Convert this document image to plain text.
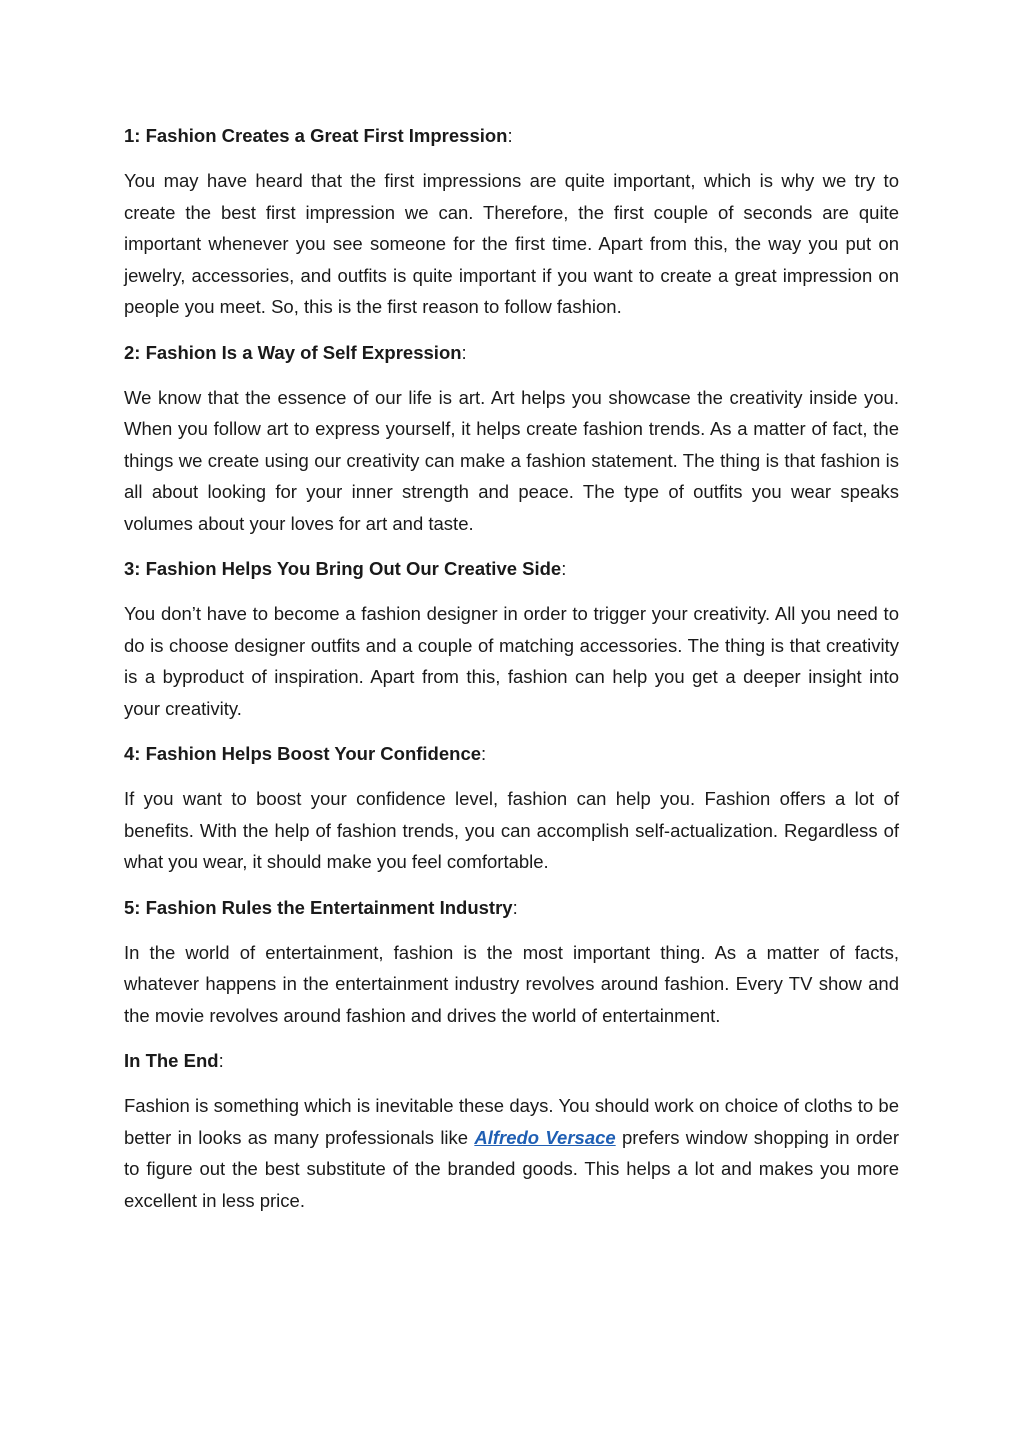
1: Fashion Creates a Great First Impression:

You may have heard that the first impressions are quite important, which is why we try to create the best first impression we can. Therefore, the first couple of seconds are quite important whenever you see someone for the first time. Apart from this, the way you put on jewelry, accessories, and outfits is quite important if you want to create a great impression on people you meet. So, this is the first reason to follow fashion.

2: Fashion Is a Way of Self Expression:

We know that the essence of our life is art. Art helps you showcase the creativity inside you. When you follow art to express yourself, it helps create fashion trends. As a matter of fact, the things we create using our creativity can make a fashion statement. The thing is that fashion is all about looking for your inner strength and peace. The type of outfits you wear speaks volumes about your loves for art and taste.

3: Fashion Helps You Bring Out Our Creative Side:

You don’t have to become a fashion designer in order to trigger your creativity. All you need to do is choose designer outfits and a couple of matching accessories. The thing is that creativity is a byproduct of inspiration. Apart from this, fashion can help you get a deeper insight into your creativity.

4: Fashion Helps Boost Your Confidence:

If you want to boost your confidence level, fashion can help you. Fashion offers a lot of benefits. With the help of fashion trends, you can accomplish self-actualization. Regardless of what you wear, it should make you feel comfortable.

5: Fashion Rules the Entertainment Industry:

In the world of entertainment, fashion is the most important thing. As a matter of facts, whatever happens in the entertainment industry revolves around fashion. Every TV show and the movie revolves around fashion and drives the world of entertainment.

In The End:

Fashion is something which is inevitable these days. You should work on choice of cloths to be better in looks as many professionals like Alfredo Versace prefers window shopping in order to figure out the best substitute of the branded goods. This helps a lot and makes you more excellent in less price.
